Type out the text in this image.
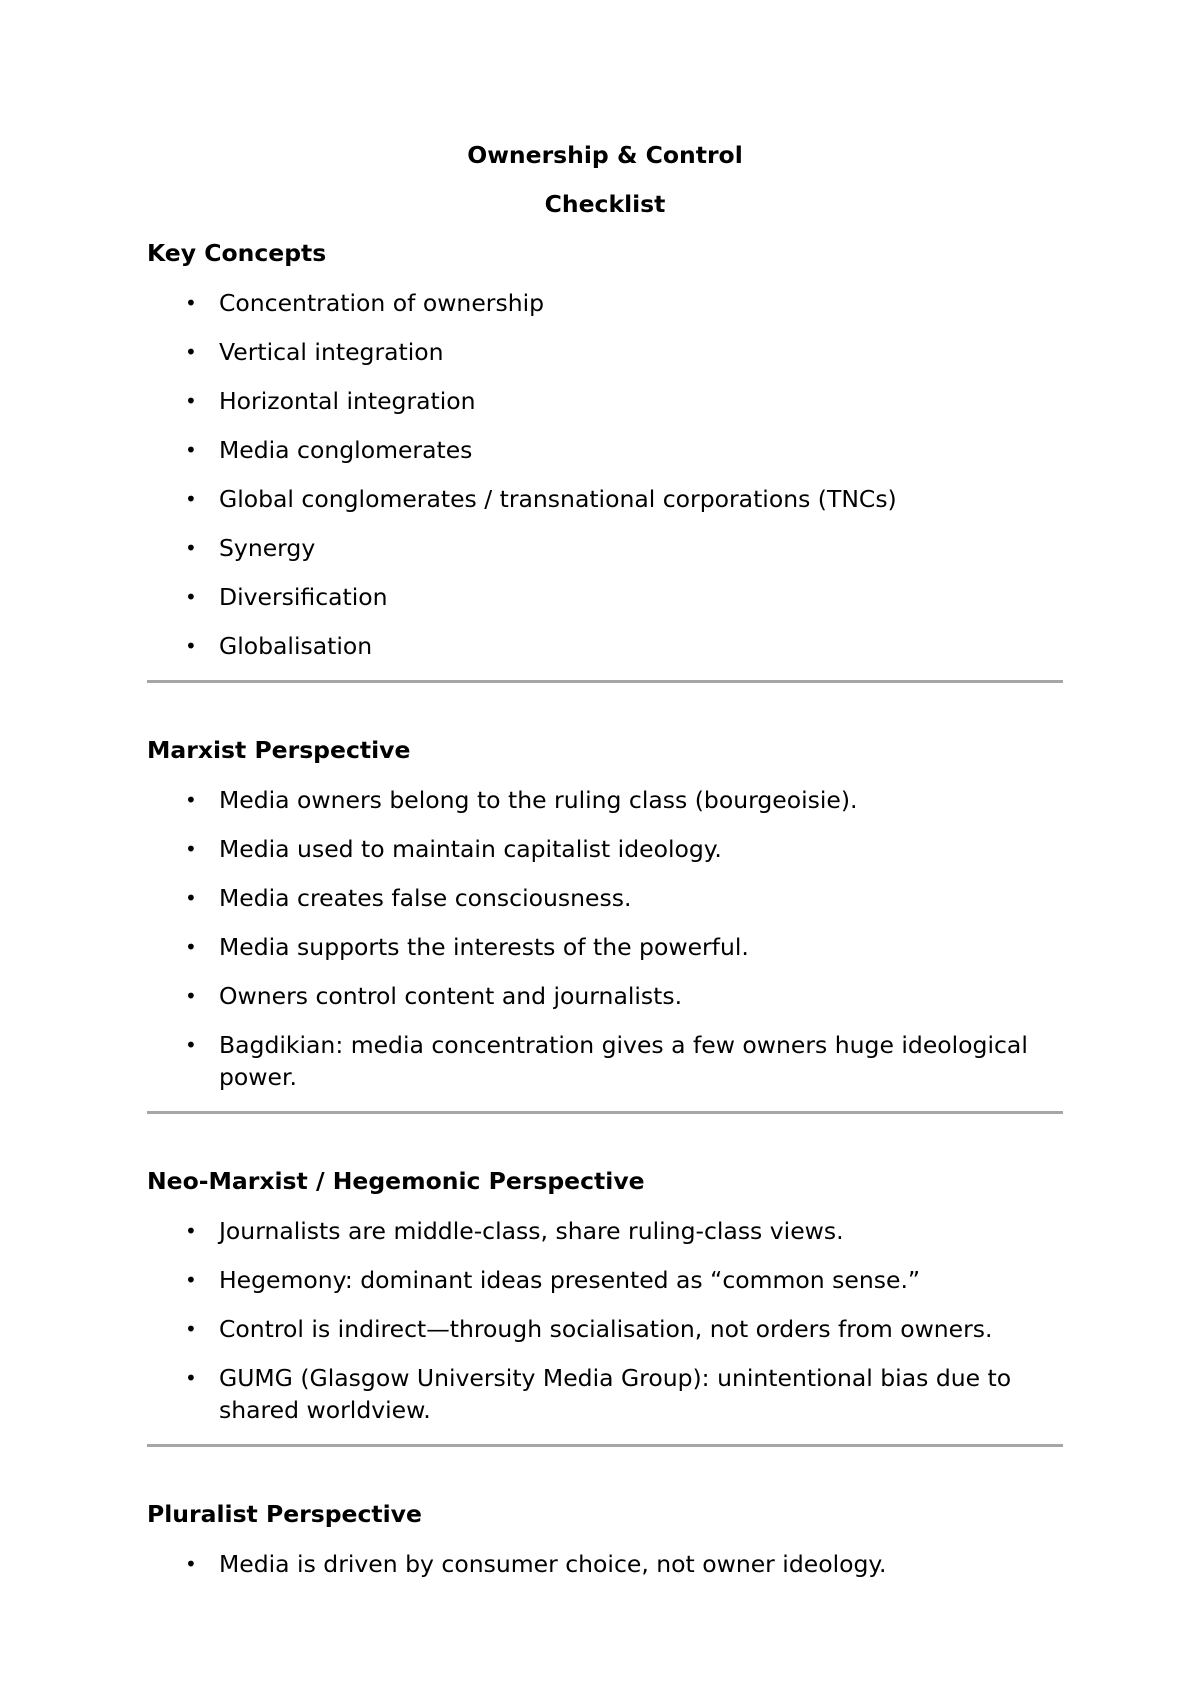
Ownership & Control
Checklist
Key Concepts
• Concentration of ownership
• Vertical integration
• Horizontal integration
• Media conglomerates
• Global conglomerates / transnational corporations (TNCs)
• Synergy
• Diversification
• Globalisation
Marxist Perspective
• Media owners belong to the ruling class (bourgeoisie).
• Media used to maintain capitalist ideology.
• Media creates false consciousness.
• Media supports the interests of the powerful.
• Owners control content and journalists.
• Bagdikian: media concentration gives a few owners huge ideological power.
Neo-Marxist / Hegemonic Perspective
• Journalists are middle-class, share ruling-class views.
• Hegemony: dominant ideas presented as “common sense.”
• Control is indirect—through socialisation, not orders from owners.
• GUMG (Glasgow University Media Group): unintentional bias due to shared worldview.
Pluralist Perspective
• Media is driven by consumer choice, not owner ideology.
